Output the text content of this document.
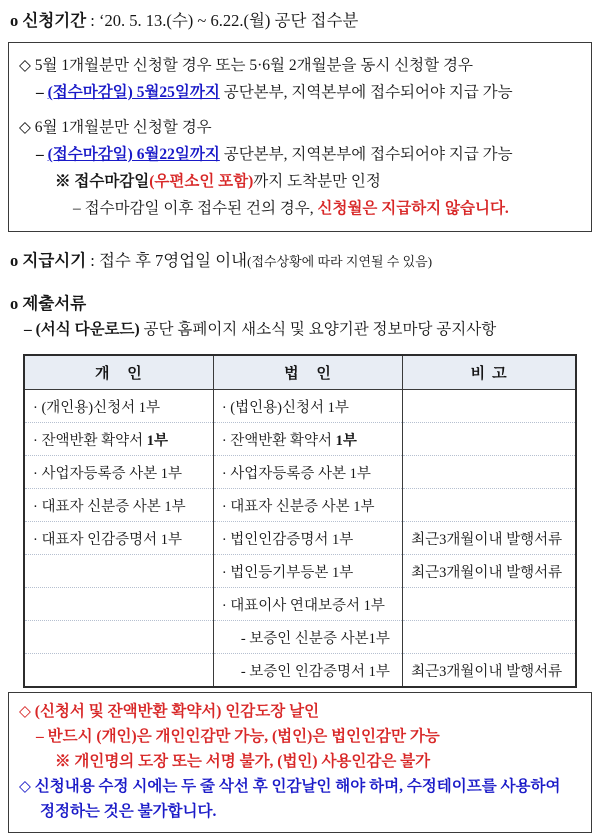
o 신청기간 : ‘20. 5. 13.(수) ~ 6.22.(월) 공단 접수분
◇ 5월 1개월분만 신청할 경우 또는 5·6월 2개월분을 동시 신청할 경우
– (접수마감일) 5월25일까지 공단본부, 지역본부에 접수되어야 지급 가능
◇ 6월 1개월분만 신청할 경우
– (접수마감일) 6월22일까지 공단본부, 지역본부에 접수되어야 지급 가능
※ 접수마감일(우편소인 포함)까지 도착분만 인정
– 접수마감일 이후 접수된 건의 경우, 신청월은 지급하지 않습니다.
o 지급시기 : 접수 후 7영업일 이내(접수상황에 따라 지연될 수 있음)
o 제출서류
– (서식 다운로드) 공단 홈페이지 새소식 및 요양기관 정보마당 공지사항
개 인	법 인	비고
· (개인용)신청서 1부	· (법인용)신청서 1부	
· 잔액반환 확약서 1부	· 잔액반환 확약서 1부	
· 사업자등록증 사본 1부	· 사업자등록증 사본 1부	
· 대표자 신분증 사본 1부	· 대표자 신분증 사본 1부	
· 대표자 인감증명서 1부	· 법인인감증명서 1부	최근3개월이내 발행서류
	· 법인등기부등본 1부	최근3개월이내 발행서류
	· 대표이사 연대보증서 1부	
	- 보증인 신분증 사본1부	
	- 보증인 인감증명서 1부	최근3개월이내 발행서류
◇ (신청서 및 잔액반환 확약서) 인감도장 날인
– 반드시 (개인)은 개인인감만 가능, (법인)은 법인인감만 가능
※ 개인명의 도장 또는 서명 불가, (법인) 사용인감은 불가
◇ 신청내용 수정 시에는 두 줄 삭선 후 인감날인 해야 하며, 수정테이프를 사용하여 정정하는 것은 불가합니다.
